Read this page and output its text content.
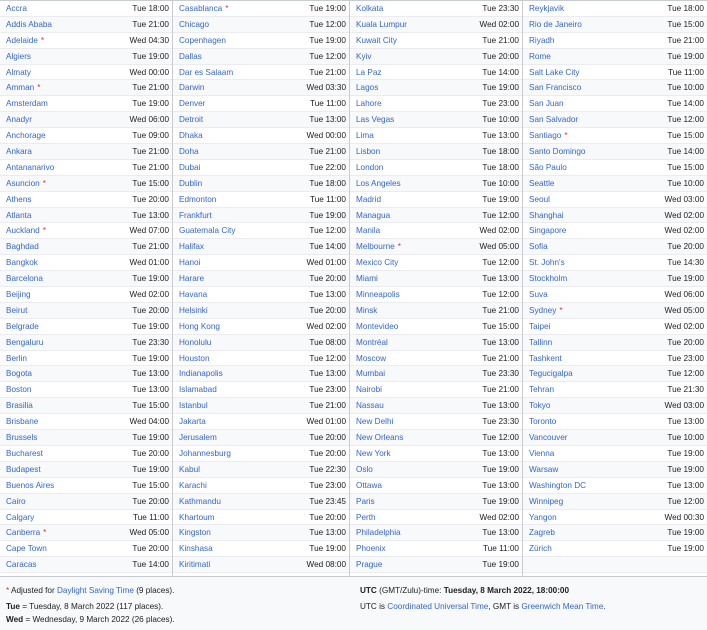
Accra	Tue 18:00
Addis Ababa	Tue 21:00
Adelaide *	Wed 04:30
Algiers	Tue 19:00
Almaty	Wed 00:00
Amman *	Tue 21:00
Amsterdam	Tue 19:00
Anadyr	Wed 06:00
Anchorage	Tue 09:00
Ankara	Tue 21:00
Antananarivo	Tue 21:00
Asuncion *	Tue 15:00
Athens	Tue 20:00
Atlanta	Tue 13:00
Auckland *	Wed 07:00
Baghdad	Tue 21:00
Bangkok	Wed 01:00
Barcelona	Tue 19:00
Beijing	Wed 02:00
Beirut	Tue 20:00
Belgrade	Tue 19:00
Bengaluru	Tue 23:30
Berlin	Tue 19:00
Bogota	Tue 13:00
Boston	Tue 13:00
Brasilia	Tue 15:00
Brisbane	Wed 04:00
Brussels	Tue 19:00
Bucharest	Tue 20:00
Budapest	Tue 19:00
Buenos Aires	Tue 15:00
Cairo	Tue 20:00
Calgary	Tue 11:00
Canberra *	Wed 05:00
Cape Town	Tue 20:00
Caracas	Tue 14:00
Casablanca *	Tue 19:00
Chicago	Tue 12:00
Copenhagen	Tue 19:00
Dallas	Tue 12:00
Dar es Salaam	Tue 21:00
Darwin	Wed 03:30
Denver	Tue 11:00
Detroit	Tue 13:00
Dhaka	Wed 00:00
Doha	Tue 21:00
Dubai	Tue 22:00
Dublin	Tue 18:00
Edmonton	Tue 11:00
Frankfurt	Tue 19:00
Guatemala City	Tue 12:00
Halifax	Tue 14:00
Hanoi	Wed 01:00
Harare	Tue 20:00
Havana	Tue 13:00
Helsinki	Tue 20:00
Hong Kong	Wed 02:00
Honolulu	Tue 08:00
Houston	Tue 12:00
Indianapolis	Tue 13:00
Islamabad	Tue 23:00
Istanbul	Tue 21:00
Jakarta	Wed 01:00
Jerusalem	Tue 20:00
Johannesburg	Tue 20:00
Kabul	Tue 22:30
Karachi	Tue 23:00
Kathmandu	Tue 23:45
Khartoum	Tue 20:00
Kingston	Tue 13:00
Kinshasa	Tue 19:00
Kiritimati	Wed 08:00
Kolkata	Tue 23:30
Kuala Lumpur	Wed 02:00
Kuwait City	Tue 21:00
Kyiv	Tue 20:00
La Paz	Tue 14:00
Lagos	Tue 19:00
Lahore	Tue 23:00
Las Vegas	Tue 10:00
Lima	Tue 13:00
Lisbon	Tue 18:00
London	Tue 18:00
Los Angeles	Tue 10:00
Madrid	Tue 19:00
Managua	Tue 12:00
Manila	Wed 02:00
Melbourne *	Wed 05:00
Mexico City	Tue 12:00
Miami	Tue 13:00
Minneapolis	Tue 12:00
Minsk	Tue 21:00
Montevideo	Tue 15:00
Montréal	Tue 13:00
Moscow	Tue 21:00
Mumbai	Tue 23:30
Nairobi	Tue 21:00
Nassau	Tue 13:00
New Delhi	Tue 23:30
New Orleans	Tue 12:00
New York	Tue 13:00
Oslo	Tue 19:00
Ottawa	Tue 13:00
Paris	Tue 19:00
Perth	Wed 02:00
Philadelphia	Tue 13:00
Phoenix	Tue 11:00
Prague	Tue 19:00
Reykjavik	Tue 18:00
Rio de Janeiro	Tue 15:00
Riyadh	Tue 21:00
Rome	Tue 19:00
Salt Lake City	Tue 11:00
San Francisco	Tue 10:00
San Juan	Tue 14:00
San Salvador	Tue 12:00
Santiago *	Tue 15:00
Santo Domingo	Tue 14:00
São Paulo	Tue 15:00
Seattle	Tue 10:00
Seoul	Wed 03:00
Shanghai	Wed 02:00
Singapore	Wed 02:00
Sofia	Tue 20:00
St. John's	Tue 14:30
Stockholm	Tue 19:00
Suva	Wed 06:00
Sydney *	Wed 05:00
Taipei	Wed 02:00
Tallinn	Tue 20:00
Tashkent	Tue 23:00
Tegucigalpa	Tue 12:00
Tehran	Tue 21:30
Tokyo	Wed 03:00
Toronto	Tue 13:00
Vancouver	Tue 10:00
Vienna	Tue 19:00
Warsaw	Tue 19:00
Washington DC	Tue 13:00
Winnipeg	Tue 12:00
Yangon	Wed 00:30
Zagreb	Tue 19:00
Zürich	Tue 19:00
* Adjusted for Daylight Saving Time (9 places).
Tue = Tuesday, 8 March 2022 (117 places).
Wed = Wednesday, 9 March 2022 (26 places).
UTC (GMT/Zulu)-time: Tuesday, 8 March 2022, 18:00:00
UTC is Coordinated Universal Time, GMT is Greenwich Mean Time.
